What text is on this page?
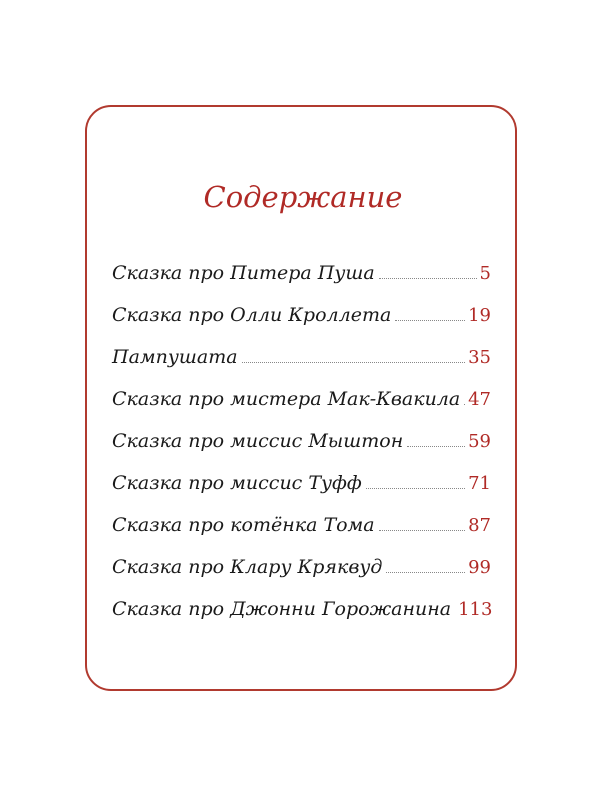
Содержание
Сказка про Питера Пуша	5
Сказка про Олли Кроллета	19
Пампушата	35
Сказка про мистера Мак-Квакила 47
Сказка про миссис Мыштон	59
Сказка про миссис Туфф	71
Сказка про котёнка Тома	87
Сказка про Клару Кряквуд	99
Сказка про Джонни Горожанина 113
